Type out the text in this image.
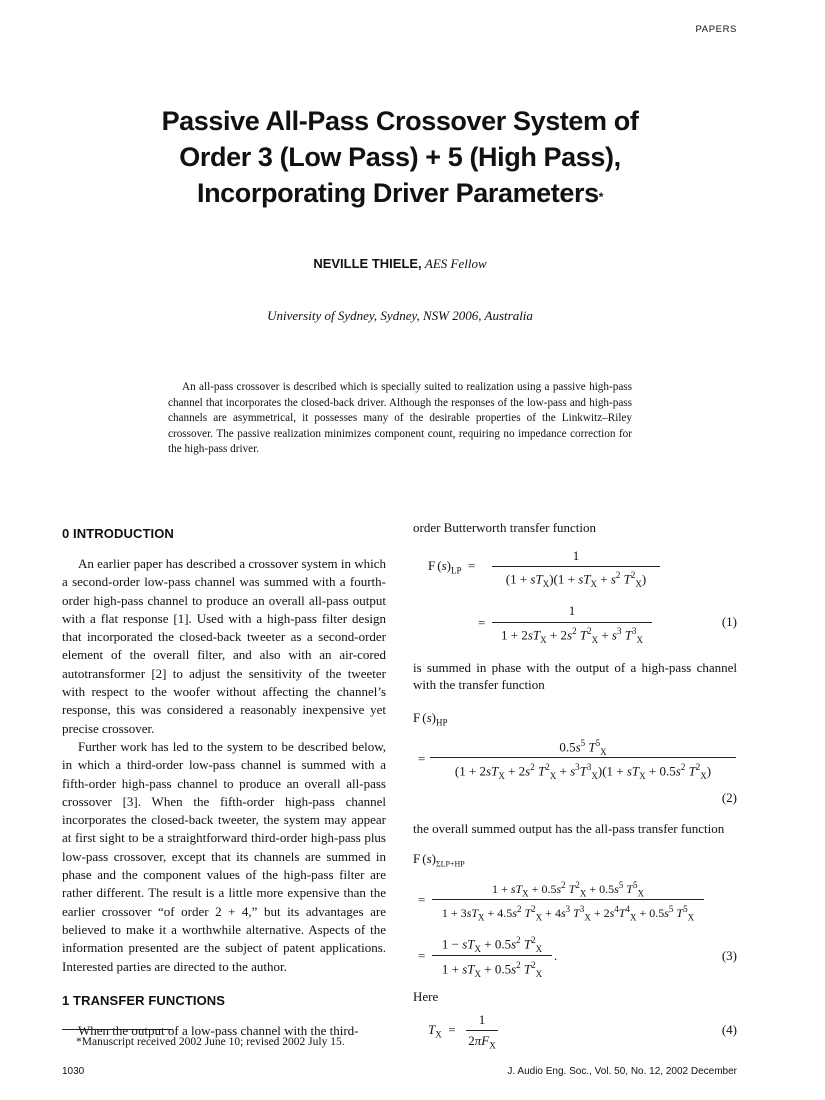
PAPERS
Passive All-Pass Crossover System of
Order 3 (Low Pass) + 5 (High Pass),
Incorporating Driver Parameters*
NEVILLE THIELE, AES Fellow
University of Sydney, Sydney, NSW 2006, Australia
An all-pass crossover is described which is specially suited to realization using a passive high-pass channel that incorporates the closed-back driver. Although the responses of the low-pass and high-pass channels are asymmetrical, it possesses many of the desirable properties of the Linkwitz–Riley crossover. The passive realization minimizes component count, requiring no impedance correction for the high-pass driver.
0 INTRODUCTION

An earlier paper has described a crossover system in which a second-order low-pass channel was summed with a fourth-order high-pass channel to produce an overall all-pass output with a flat response [1]. Used with a high-pass filter design that incorporated the closed-back tweeter as a second-order element of the overall filter, and also with an air-cored autotransformer [2] to adjust the sensitivity of the tweeter with respect to the woofer without affecting the channel’s response, this was considered a reasonably inexpensive yet precise crossover.

Further work has led to the system to be described below, in which a third-order low-pass channel is summed with a fifth-order high-pass channel to produce an overall all-pass crossover [3]. When the fifth-order high-pass channel incorporates the closed-back tweeter, the system may appear at first sight to be a straightforward third-order high-pass plus low-pass crossover, except that its channels are summed in phase and the component values of the high-pass filter are rather different. The result is a little more expensive than the earlier crossover “of order 2 + 4,” but its advantages are believed to make it a worthwhile alternative. Aspects of the information presented are the subject of patent applications. Interested parties are directed to the author.

1 TRANSFER FUNCTIONS

When the output of a low-pass channel with the third-

*Manuscript received 2002 June 10; revised 2002 July 15.
order Butterworth transfer function
F $(s)_{LP}$  =
1
$(1 + sT_X)(1 + sT_X + s^2$ $T^2_X$)
=
1
$1 + 2sT_X + 2s^2$ $T^2_X + s^3$ $T^3_X$
(1)
is summed in phase with the output of a high-pass channel with the transfer function
F $(s)_{HP}$
=
$0.5s^5$ $T^5_X$
($1 + 2sT_X + 2s^2$ $T^2_X + s^3T^3_X)(1 + sT_X + 0.5s^2$ $T^2_X$)
(2)
the overall summed output has the all-pass transfer function
F $(s)_{\Sigma LP+HP}$
=
$1 + sT_X + 0.5s^2$ $T^2_X + 0.5s^5$ $T^5_X$
$1 + 3sT_X + 4.5s^2$ $T^2_X + 4s^3$ $T^3_X + 2s^4T^4_X + 0.5s^5$ $T^5_X$
=
$1 - sT_X + 0.5s^2$ $T^2_X$
$1 + sT_X + 0.5s^2$ $T^2_X$
.	(3)
Here
$T_X$  =
1
$2\pi F_X$
(4)
1030	J. Audio Eng. Soc., Vol. 50, No. 12, 2002 December
